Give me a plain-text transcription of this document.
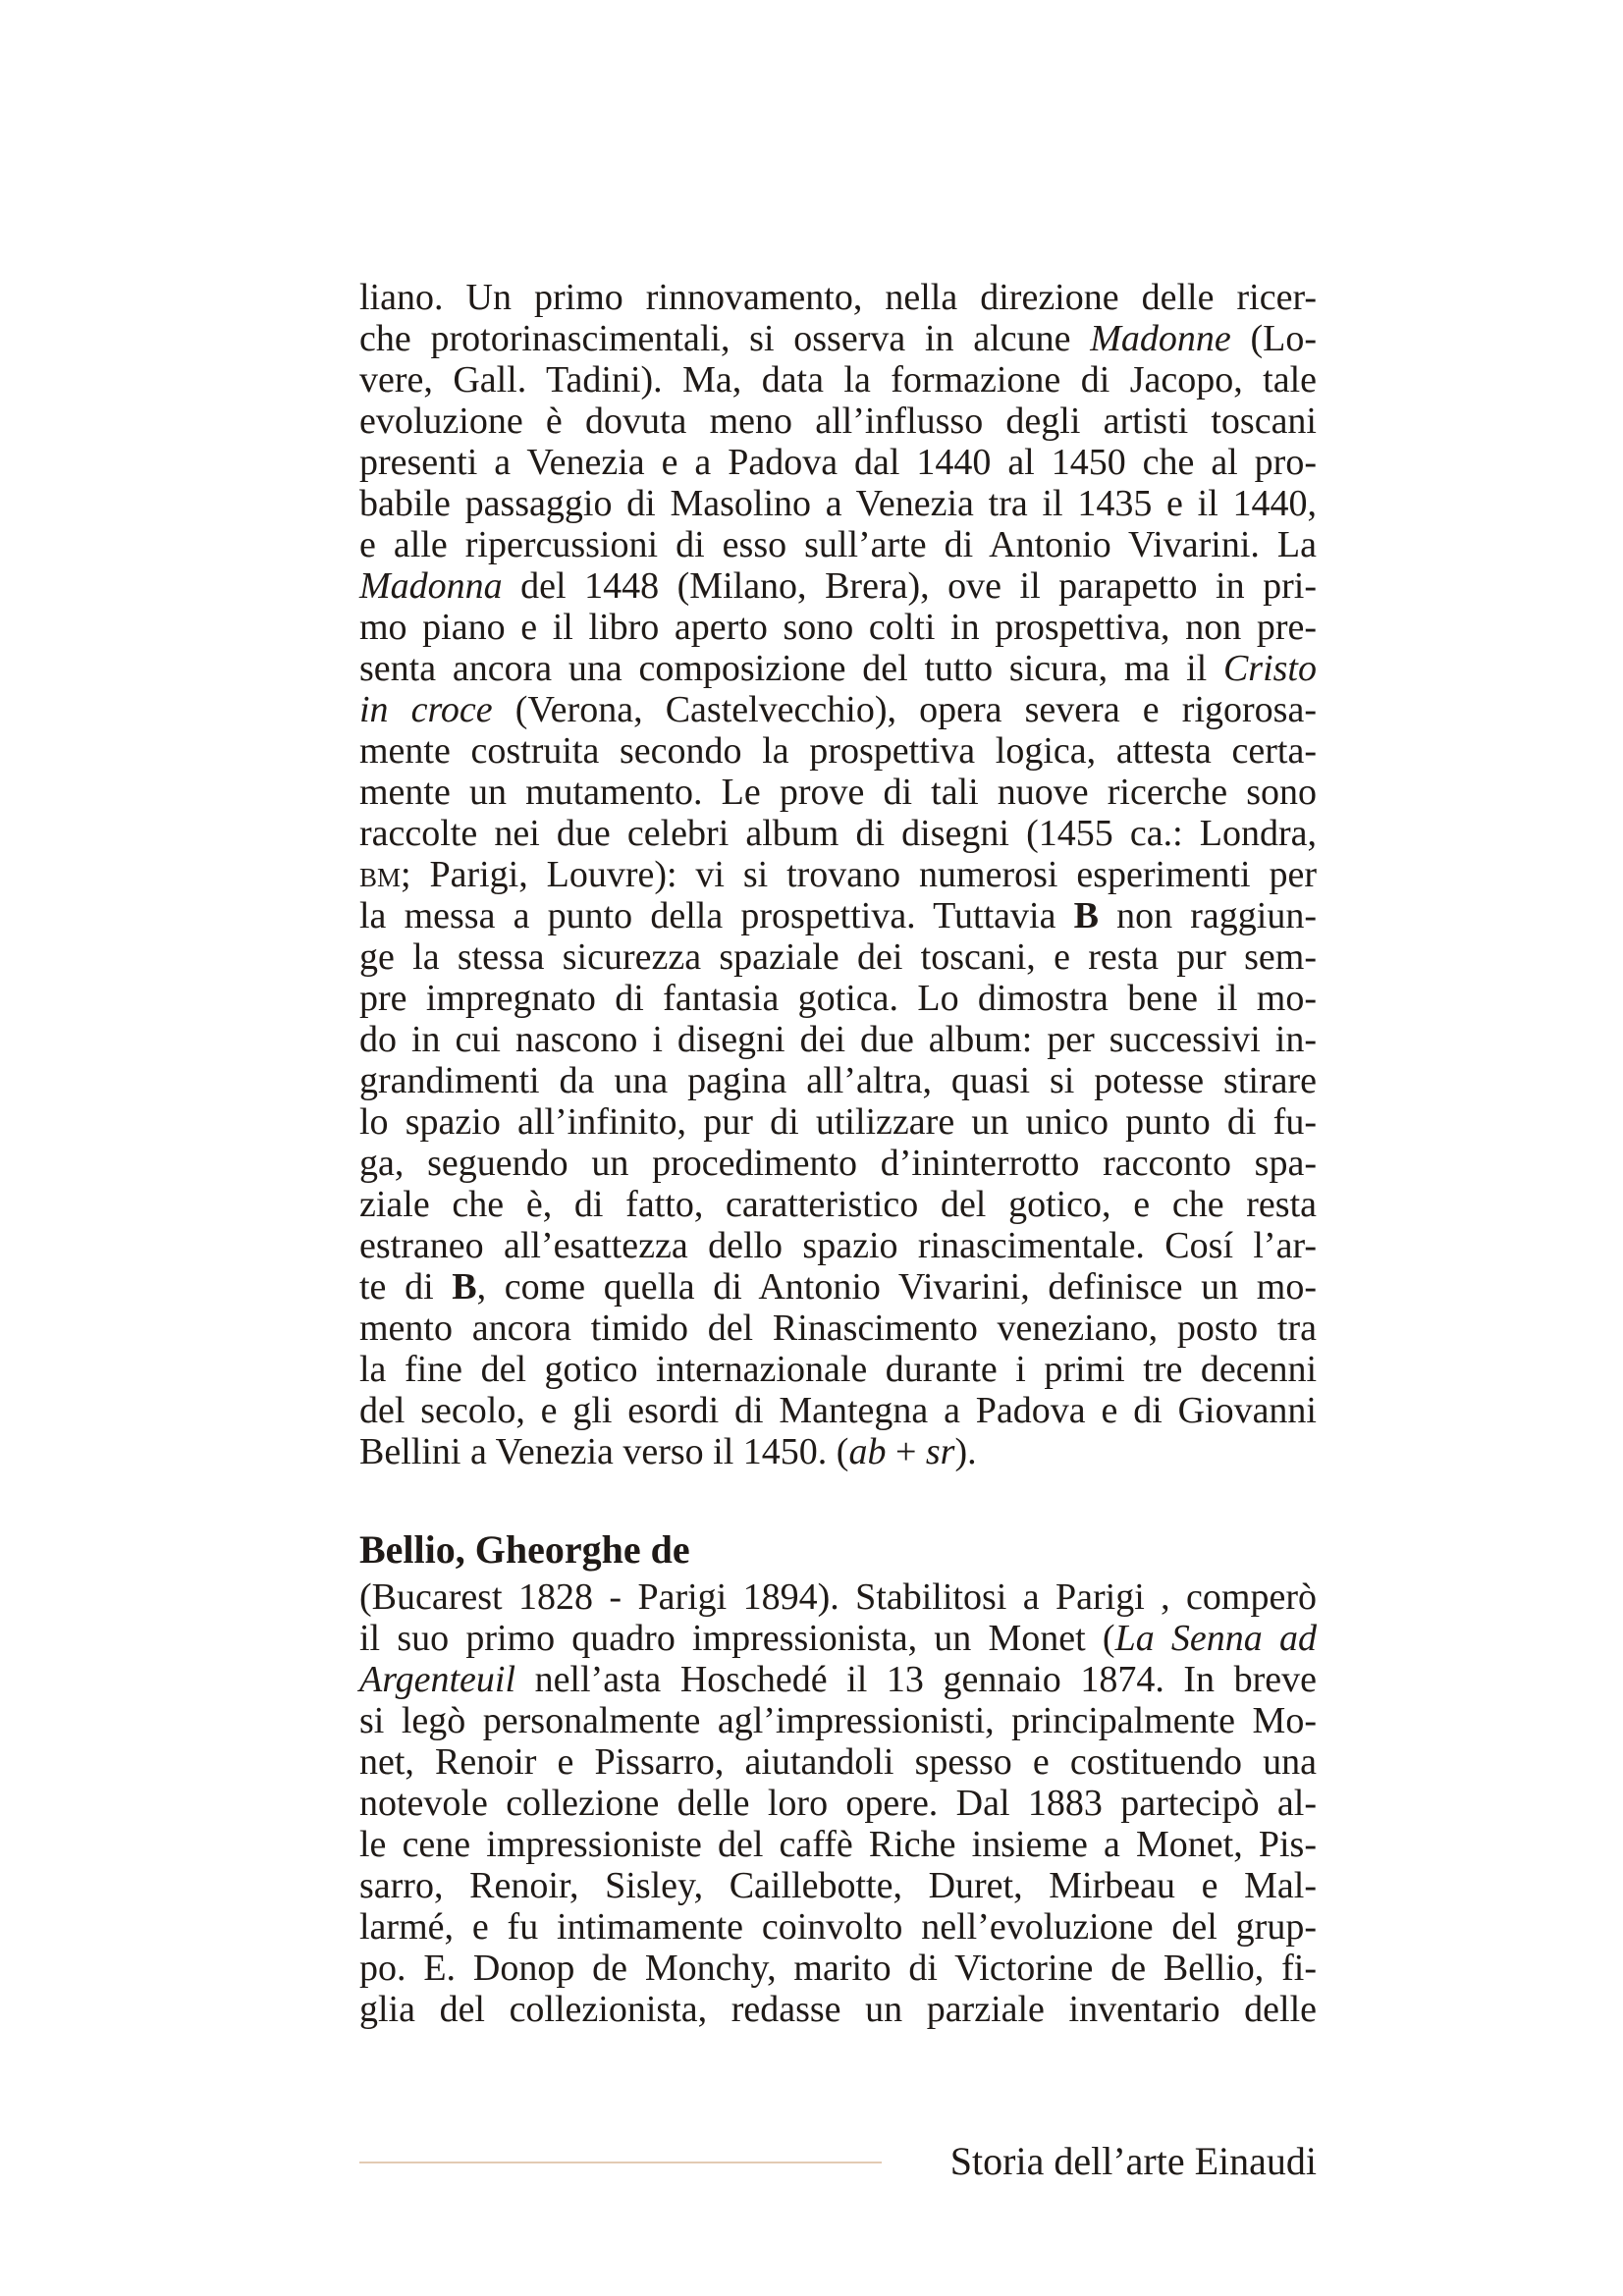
liano. Un primo rinnovamento, nella direzione delle ricer-
che protorinascimentali, si osserva in alcune Madonne (Lo-
vere, Gall. Tadini). Ma, data la formazione di Jacopo, tale
evoluzione è dovuta meno all’influsso degli artisti toscani
presenti a Venezia e a Padova dal 1440 al 1450 che al pro-
babile passaggio di Masolino a Venezia tra il 1435 e il 1440,
e alle ripercussioni di esso sull’arte di Antonio Vivarini. La
Madonna del 1448 (Milano, Brera), ove il parapetto in pri-
mo piano e il libro aperto sono colti in prospettiva, non pre-
senta ancora una composizione del tutto sicura, ma il Cristo
in croce (Verona, Castelvecchio), opera severa e rigorosa-
mente costruita secondo la prospettiva logica, attesta certa-
mente un mutamento. Le prove di tali nuove ricerche sono
raccolte nei due celebri album di disegni (1455 ca.: Londra,
bm; Parigi, Louvre): vi si trovano numerosi esperimenti per
la messa a punto della prospettiva. Tuttavia B non raggiun-
ge la stessa sicurezza spaziale dei toscani, e resta pur sem-
pre impregnato di fantasia gotica. Lo dimostra bene il mo-
do in cui nascono i disegni dei due album: per successivi in-
grandimenti da una pagina all’altra, quasi si potesse stirare
lo spazio all’infinito, pur di utilizzare un unico punto di fu-
ga, seguendo un procedimento d’ininterrotto racconto spa-
ziale che è, di fatto, caratteristico del gotico, e che resta
estraneo all’esattezza dello spazio rinascimentale. Cosí l’ar-
te di B, come quella di Antonio Vivarini, definisce un mo-
mento ancora timido del Rinascimento veneziano, posto tra
la fine del gotico internazionale durante i primi tre decenni
del secolo, e gli esordi di Mantegna a Padova e di Giovanni
Bellini a Venezia verso il 1450. (ab + sr).
Bellio, Gheorghe de
(Bucarest 1828 - Parigi 1894). Stabilitosi a Parigi , comperò
il suo primo quadro impressionista, un Monet (La Senna ad
Argenteuil nell’asta Hoschedé il 13 gennaio 1874. In breve
si legò personalmente agl’impressionisti, principalmente Mo-
net, Renoir e Pissarro, aiutandoli spesso e costituendo una
notevole collezione delle loro opere. Dal 1883 partecipò al-
le cene impressioniste del caffè Riche insieme a Monet, Pis-
sarro, Renoir, Sisley, Caillebotte, Duret, Mirbeau e Mal-
larmé, e fu intimamente coinvolto nell’evoluzione del grup-
po. E. Donop de Monchy, marito di Victorine de Bellio, fi-
glia del collezionista, redasse un parziale inventario delle
Storia dell’arte Einaudi
